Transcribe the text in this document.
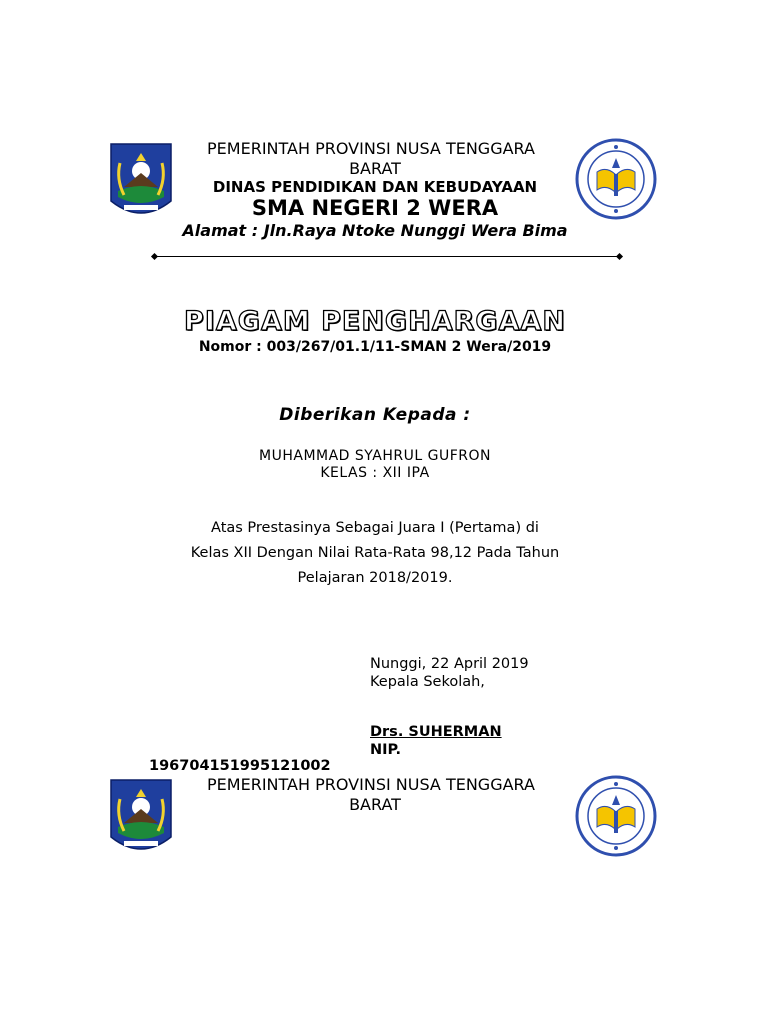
PEMERINTAH PROVINSI NUSA TENGGARA
BARAT
DINAS PENDIDIKAN DAN KEBUDAYAAN
SMA NEGERI 2 WERA
Alamat : Jln.Raya Ntoke Nunggi Wera Bima
PIAGAM PENGHARGAAN
Nomor : 003/267/01.1/11-SMAN 2 Wera/2019
Diberikan Kepada :
MUHAMMAD SYAHRUL GUFRON
KELAS : XII IPA
Atas Prestasinya Sebagai Juara I (Pertama) di
Kelas XII Dengan Nilai Rata-Rata 98,12 Pada Tahun
Pelajaran 2018/2019.
Nunggi, 22 April 2019
Kepala Sekolah,
Drs. SUHERMAN
NIP.
196704151995121002
PEMERINTAH PROVINSI NUSA TENGGARA
BARAT
